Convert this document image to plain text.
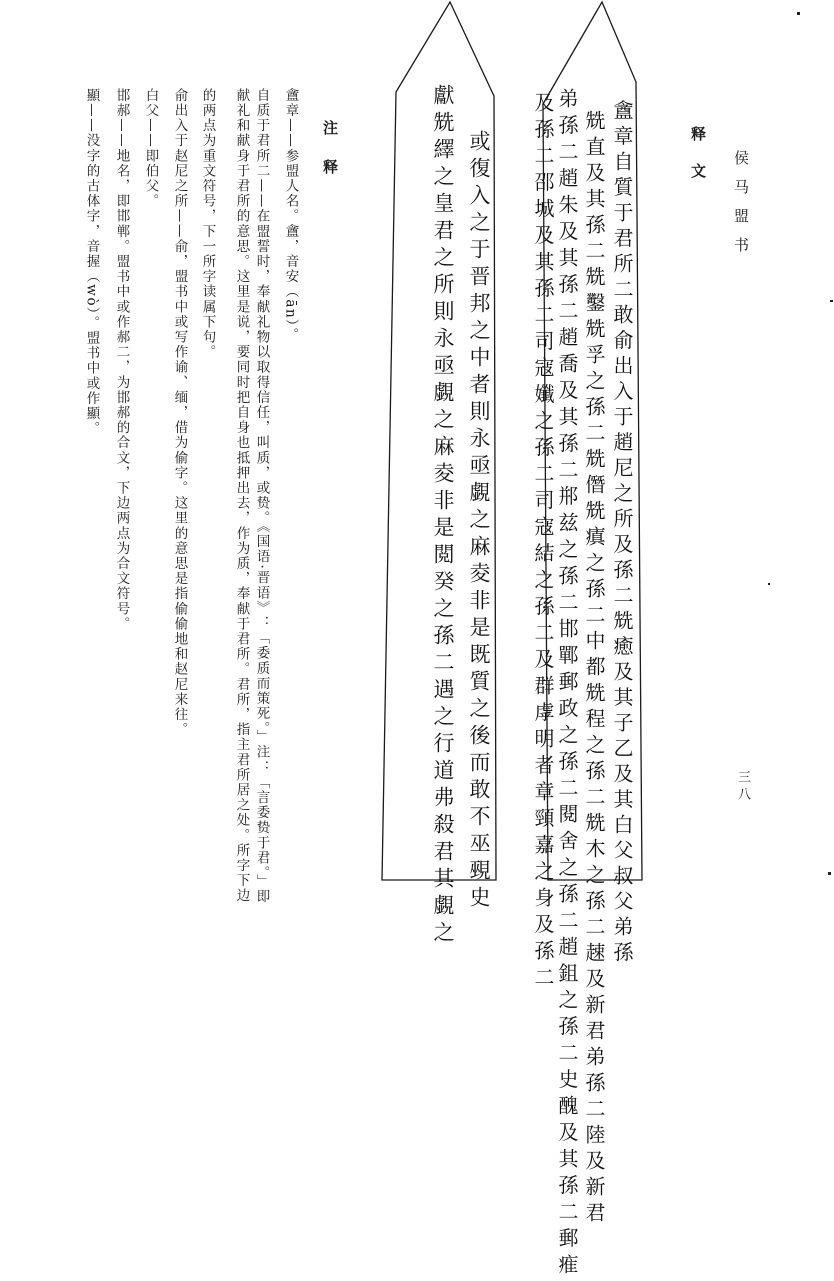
侯马盟书
三八
释文
注释	盦章自質于君所二敢俞出入于趙尼之所及孫二兟癒及其子乙及其白父叔父弟孫
兟直及其孫二兟鑿兟孚之孫二兟僭兟瘨之孫二中都兟程之孫二兟木之孫二趚及新君弟孫二陸及新君
弟孫二趙朱及其孫二趙喬及其孫二郱兹之孫二邯鄲郵政之孫二閱舍之孫二趙鉏之孫二史醜及其孫二郵痽
或復入之于晋邦之中者則永亟覷之麻夌非是既質之後而敢不巫覡史
獻兟繹之皇君之所則永亟覷之麻夌非是閲癸之孫二遇之行道弗殺君其覷之	及孫二邵城及其孫二司寇孅之孫二司寇結之孫二及群虖明者章頸嘉之身及孫二
盦章——参盟人名。盦，音安（ān）。
自质于君所二——在盟誓时，奉献礼物以取得信任，叫质，或贽。《国语·晋语》：「委质而策死。」注：「言委贽于君。」即
献礼和献身于君所的意思。这里是说，要同时把自身也抵押出去，作为质，奉献于君所。君所，指主君所居之处。所字下边
的两点为重文符号，下一所字读属下句。
俞出入于赵尼之所——俞，盟书中或写作谕、缅，借为偷字。这里的意思是指偷偷地和赵尼来往。
白父——即伯父。
邯郝——地名，即邯郸。盟书中或作郝二，为邯郝的合文，下边两点为合文符号。
顯——没字的古体字，音握（wò）。盟书中或作顯。
